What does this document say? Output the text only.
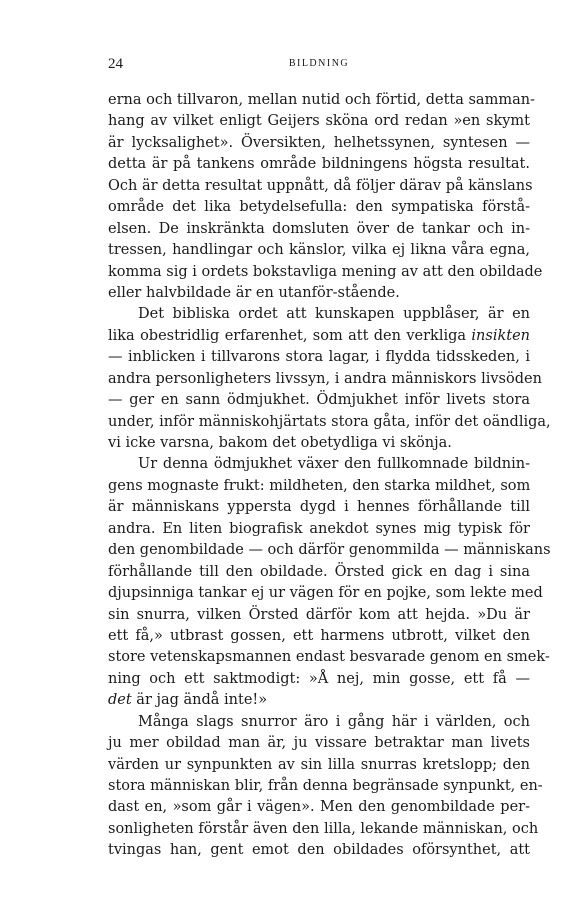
24	BILDNING
erna och tillvaron, mellan nutid och förtid, detta samman-
hang av vilket enligt Geijers sköna ord redan »en skymt
är lycksalighet». Översikten, helhetssynen, syntesen —
detta är på tankens område bildningens högsta resultat.
Och är detta resultat uppnått, då följer därav på känslans
område det lika betydelsefulla: den sympatiska förstå-
elsen. De inskränkta domsluten över de tankar och in-
tressen, handlingar och känslor, vilka ej likna våra egna,
komma sig i ordets bokstavliga mening av att den obildade
eller halvbildade är en utanför-stående.
Det bibliska ordet att kunskapen uppblåser, är en
lika obestridlig erfarenhet, som att den verkliga insikten
— inblicken i tillvarons stora lagar, i flydda tidsskeden, i
andra personligheters livssyn, i andra människors livsöden
— ger en sann ödmjukhet. Ödmjukhet inför livets stora
under, inför människohjärtats stora gåta, inför det oändliga,
vi icke varsna, bakom det obetydliga vi skönja.
Ur denna ödmjukhet växer den fullkomnade bildnin-
gens mognaste frukt: mildheten, den starka mildhet, som
är människans yppersta dygd i hennes förhållande till
andra. En liten biografisk anekdot synes mig typisk för
den genombildade — och därför genommilda — människans
förhållande till den obildade. Örsted gick en dag i sina
djupsinniga tankar ej ur vägen för en pojke, som lekte med
sin snurra, vilken Örsted därför kom att hejda. »Du är
ett få,» utbrast gossen, ett harmens utbrott, vilket den
store vetenskapsmannen endast besvarade genom en smek-
ning och ett saktmodigt: »Å nej, min gosse, ett få —
det är jag ändå inte!»
Många slags snurror äro i gång här i världen, och
ju mer obildad man är, ju vissare betraktar man livets
värden ur synpunkten av sin lilla snurras kretslopp; den
stora människan blir, från denna begränsade synpunkt, en-
dast en, »som går i vägen». Men den genombildade per-
sonligheten förstår även den lilla, lekande människan, och
tvingas han, gent emot den obildades oförsynthet, att
